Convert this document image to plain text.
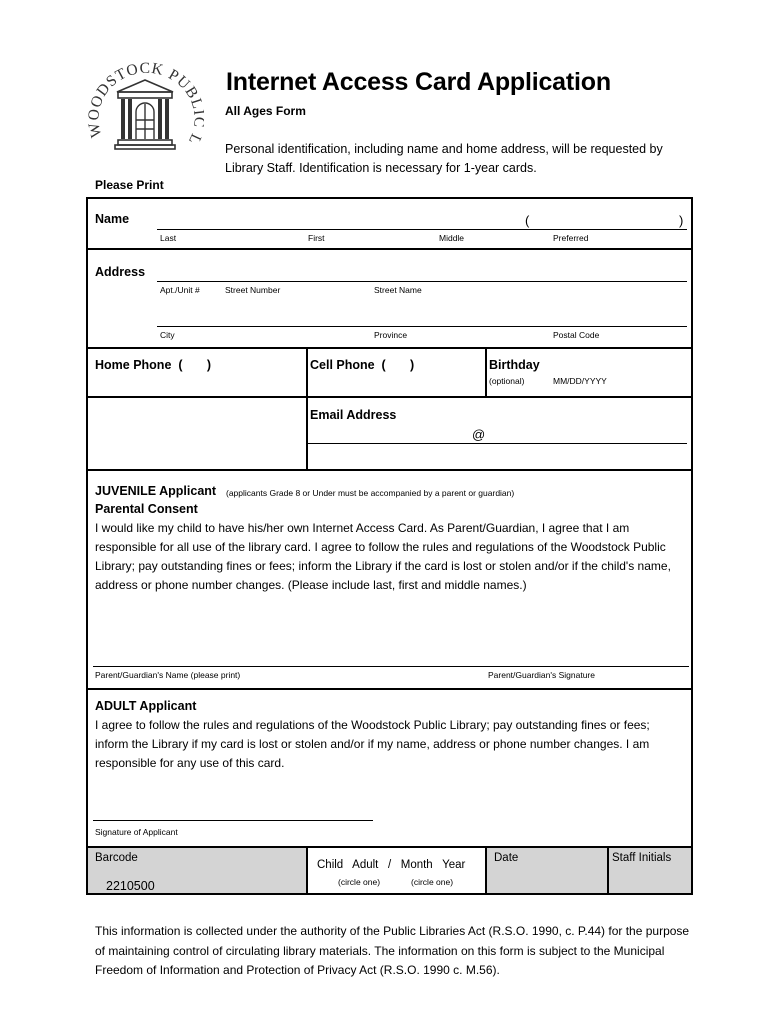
WOODSTOCK PUB L
Internet Access Card Application
All Ages Form
Personal identification, including name and home address, will be requested by Library Staff. Identification is necessary for 1-year cards.
Please Print
Name	(	)
Last	First	Middle	Preferred
Address
Apt./Unit #	Street Number	Street Name
City	Province	Postal Code
Home Phone  (       )	Cell Phone  (       )	Birthday
(optional)	MM/DD/YYYY
Email Address
@
JUVENILE Applicant (applicants Grade 8 or Under must be accompanied by a parent or guardian)
Parental Consent
I would like my child to have his/her own Internet Access Card. As Parent/Guardian, I agree that I am responsible for all use of the library card. I agree to follow the rules and regulations of the Woodstock Public Library; pay outstanding fines or fees; inform the Library if the card is lost or stolen and/or if the child's name, address or phone number changes. (Please include last, first and middle names.)
Parent/Guardian's Name (please print)	Parent/Guardian's Signature
ADULT Applicant
I agree to follow the rules and regulations of the Woodstock Public Library; pay outstanding fines or fees; inform the Library if my card is lost or stolen and/or if my name, address or phone number changes. I am responsible for any use of this card.
Signature of Applicant
Barcode
2210500
Child   Adult   /   Month   Year
(circle one)	(circle one)
Date	Staff Initials
This information is collected under the authority of the Public Libraries Act (R.S.O. 1990, c. P.44) for the purpose of maintaining control of circulating library materials. The information on this form is subject to the Municipal Freedom of Information and Protection of Privacy Act (R.S.O. 1990 c. M.56).
